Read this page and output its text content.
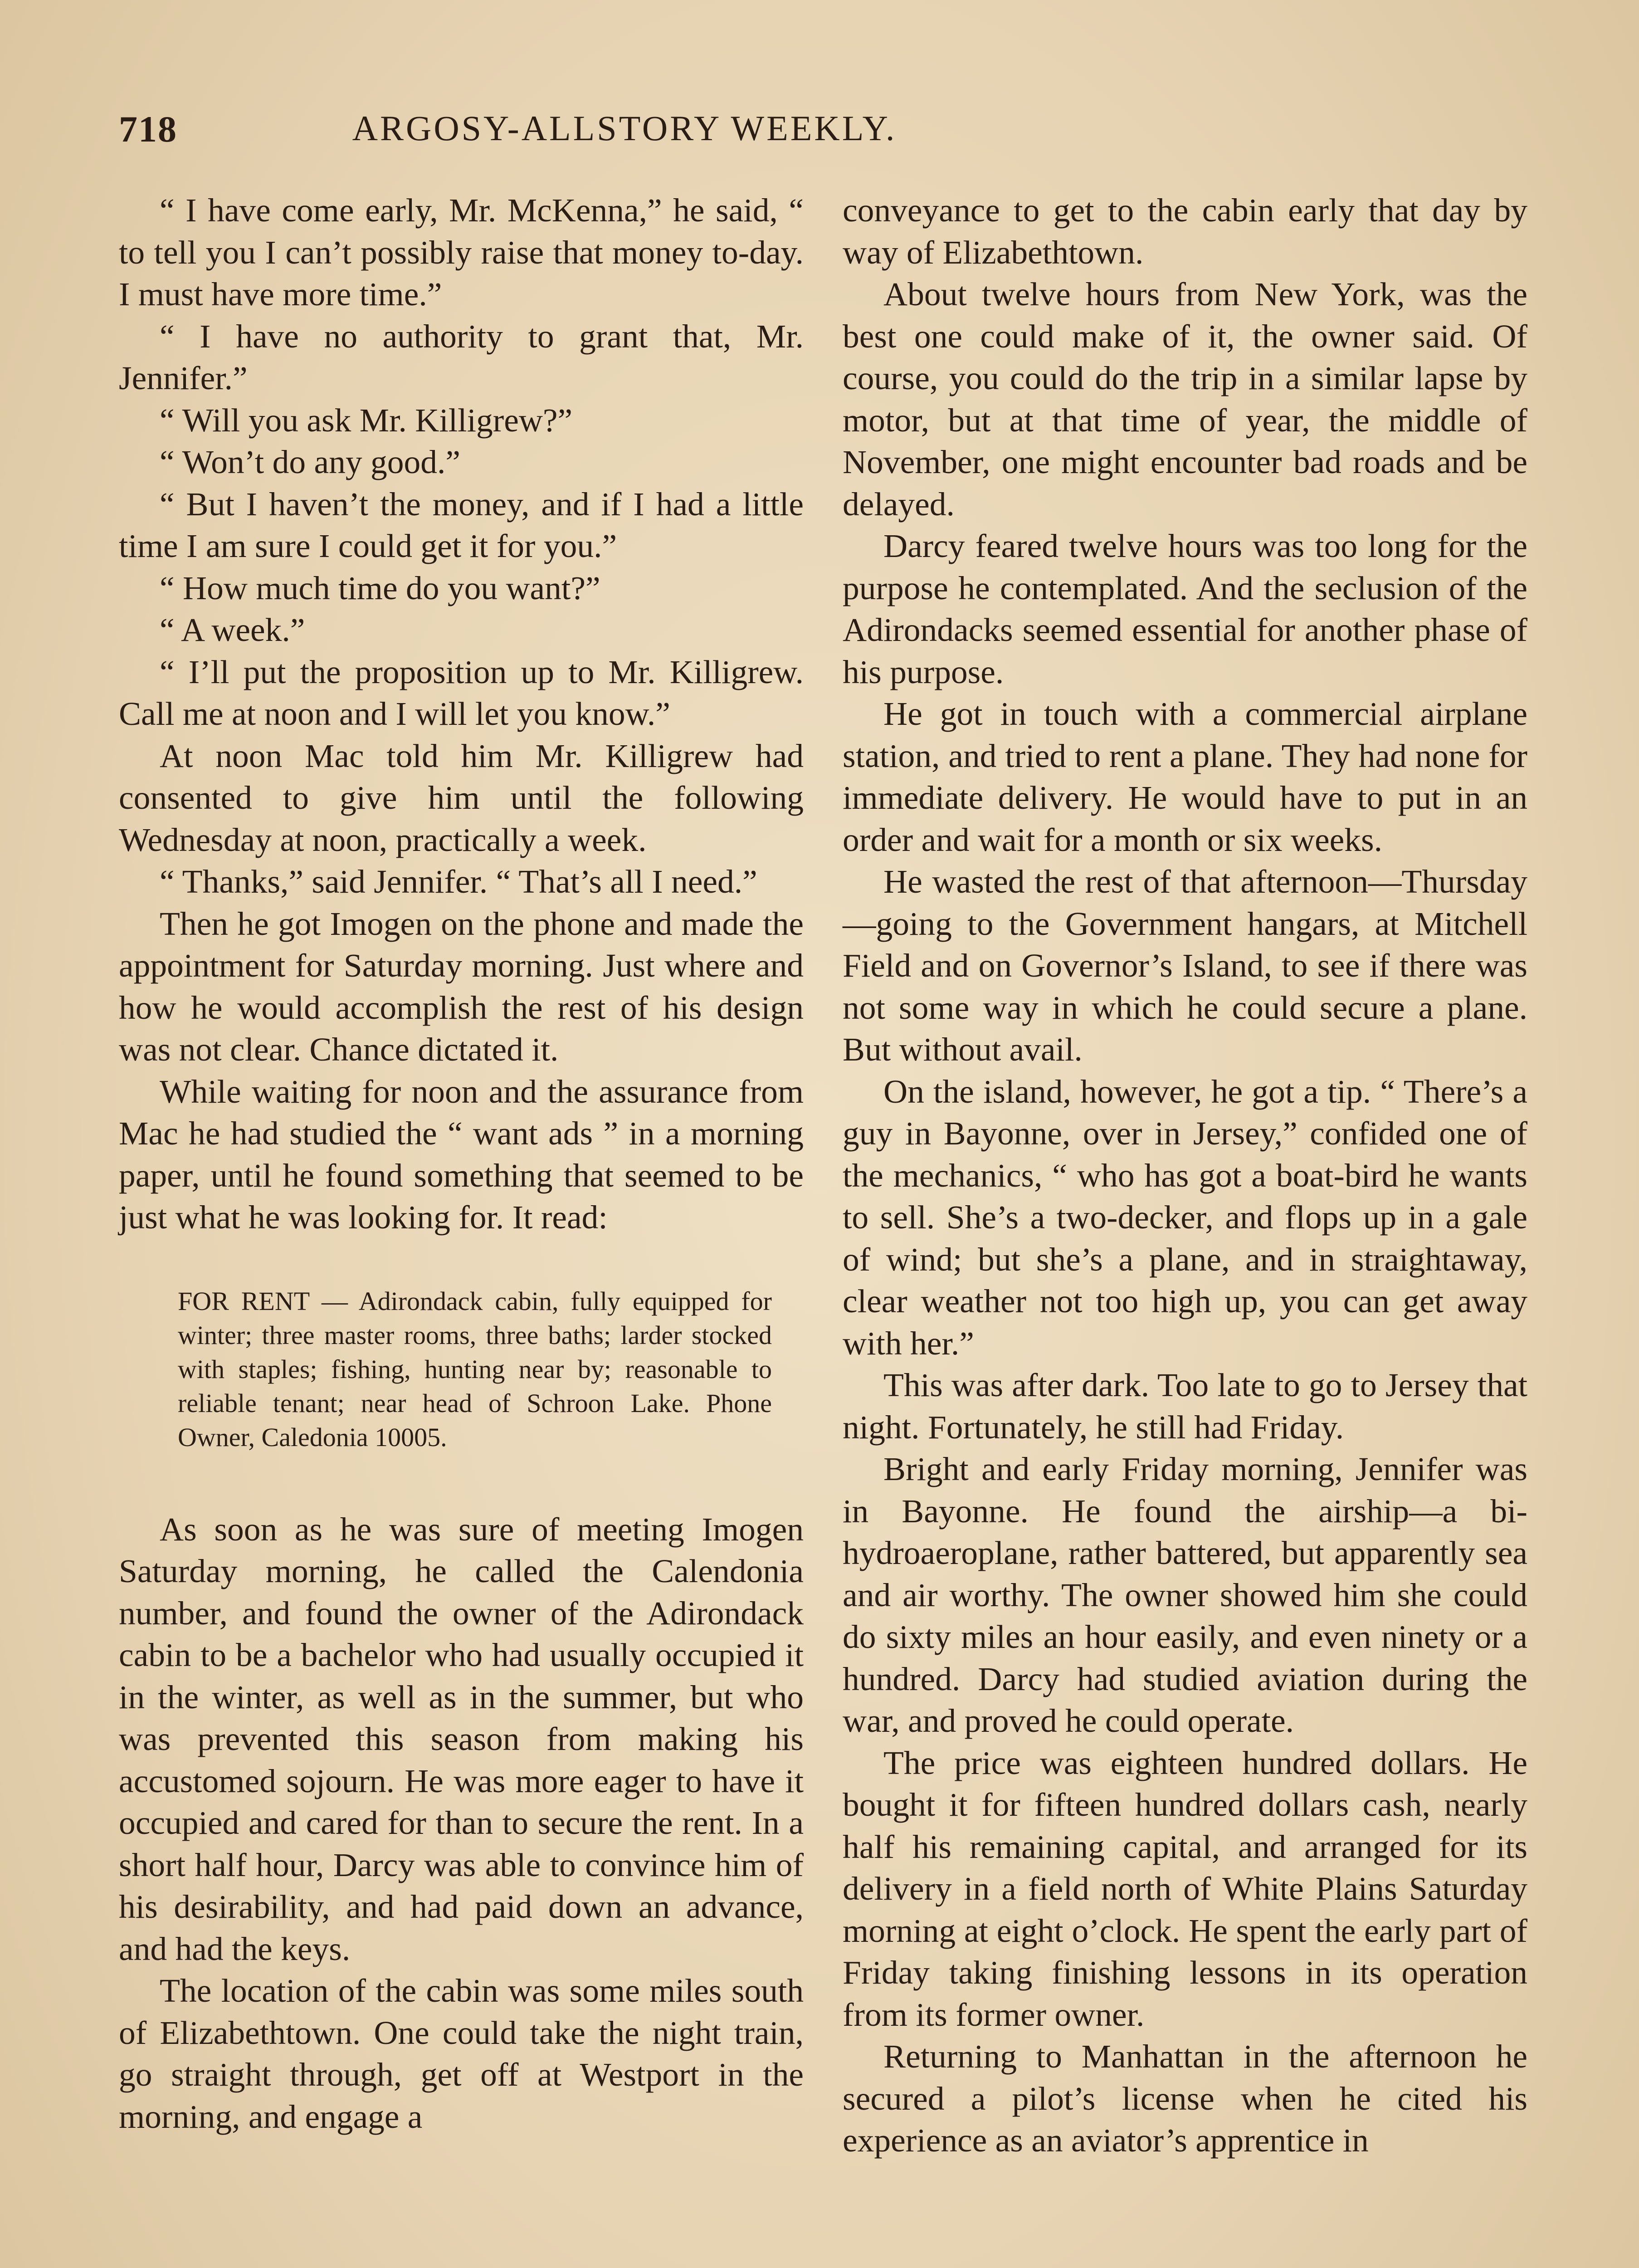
718	ARGOSY-ALLSTORY WEEKLY.

“ I have come early, Mr. McKenna,” he said, “ to tell you I can’t possibly raise that money to-day. I must have more time.”

“ I have no authority to grant that, Mr. Jennifer.”

“ Will you ask Mr. Killigrew?”

“ Won’t do any good.”

“ But I haven’t the money, and if I had a little time I am sure I could get it for you.”

“ How much time do you want?”

“ A week.”

“ I’ll put the proposition up to Mr. Killigrew. Call me at noon and I will let you know.”

At noon Mac told him Mr. Killigrew had consented to give him until the following Wednesday at noon, practically a week.

“ Thanks,” said Jennifer. “ That’s all I need.”

Then he got Imogen on the phone and made the appointment for Saturday morning. Just where and how he would accomplish the rest of his design was not clear. Chance dictated it.

While waiting for noon and the assurance from Mac he had studied the “ want ads ” in a morning paper, until he found something that seemed to be just what he was looking for. It read:

FOR RENT — Adirondack cabin, fully equipped for winter; three master rooms, three baths; larder stocked with staples; fishing, hunting near by; reasonable to reliable tenant; near head of Schroon Lake. Phone Owner, Caledonia 10005.

As soon as he was sure of meeting Imogen Saturday morning, he called the Calendonia number, and found the owner of the Adirondack cabin to be a bachelor who had usually occupied it in the winter, as well as in the summer, but who was prevented this season from making his accustomed sojourn. He was more eager to have it occupied and cared for than to secure the rent. In a short half hour, Darcy was able to convince him of his desirability, and had paid down an advance, and had the keys.

The location of the cabin was some miles south of Elizabethtown. One could take the night train, go straight through, get off at Westport in the morning, and engage a

conveyance to get to the cabin early that day by way of Elizabethtown.

About twelve hours from New York, was the best one could make of it, the owner said. Of course, you could do the trip in a similar lapse by motor, but at that time of year, the middle of November, one might encounter bad roads and be delayed.

Darcy feared twelve hours was too long for the purpose he contemplated. And the seclusion of the Adirondacks seemed essential for another phase of his purpose.

He got in touch with a commercial airplane station, and tried to rent a plane. They had none for immediate delivery. He would have to put in an order and wait for a month or six weeks.

He wasted the rest of that afternoon—Thursday—going to the Government hangars, at Mitchell Field and on Governor’s Island, to see if there was not some way in which he could secure a plane. But without avail.

On the island, however, he got a tip. “ There’s a guy in Bayonne, over in Jersey,” confided one of the mechanics, “ who has got a boat-bird he wants to sell. She’s a two-decker, and flops up in a gale of wind; but she’s a plane, and in straightaway, clear weather not too high up, you can get away with her.”

This was after dark. Too late to go to Jersey that night. Fortunately, he still had Friday.

Bright and early Friday morning, Jennifer was in Bayonne. He found the airship—a bi-hydroaeroplane, rather battered, but apparently sea and air worthy. The owner showed him she could do sixty miles an hour easily, and even ninety or a hundred. Darcy had studied aviation during the war, and proved he could operate.

The price was eighteen hundred dollars. He bought it for fifteen hundred dollars cash, nearly half his remaining capital, and arranged for its delivery in a field north of White Plains Saturday morning at eight o’clock. He spent the early part of Friday taking finishing lessons in its operation from its former owner.

Returning to Manhattan in the afternoon he secured a pilot’s license when he cited his experience as an aviator’s apprentice in
